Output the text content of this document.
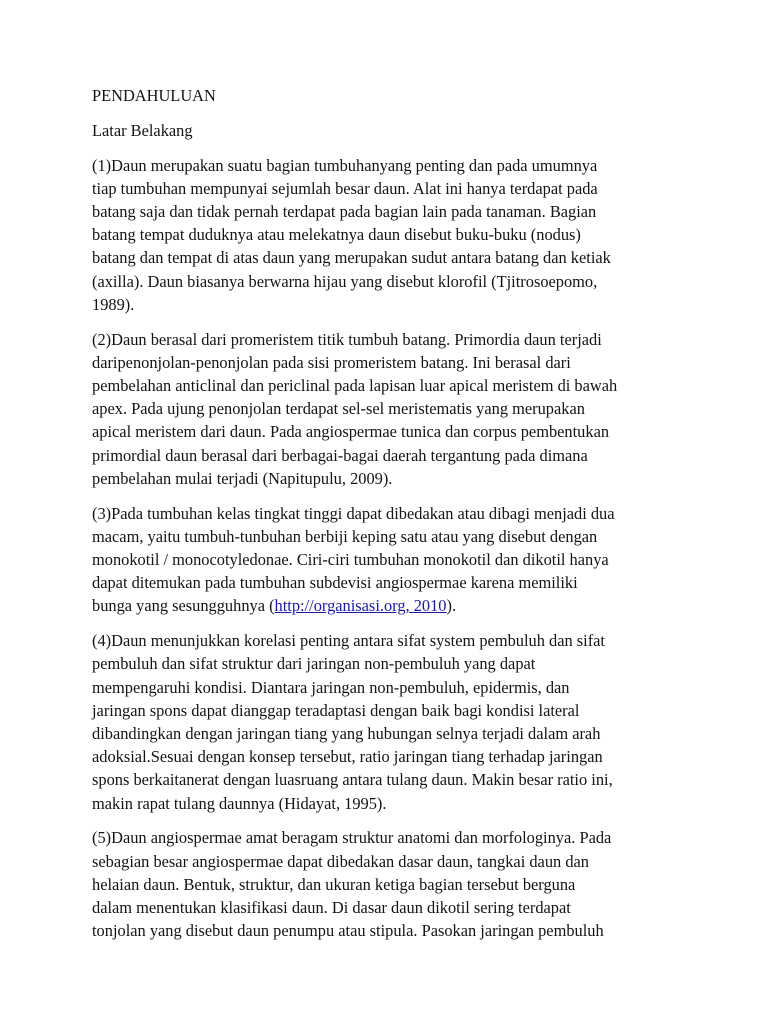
PENDAHULUAN
Latar Belakang
(1)Daun merupakan suatu bagian tumbuhanyang penting dan pada umumnya
tiap tumbuhan mempunyai sejumlah besar daun. Alat ini hanya terdapat pada
batang saja dan tidak pernah terdapat pada bagian lain pada tanaman. Bagian
batang tempat duduknya atau melekatnya daun disebut buku-buku (nodus)
batang dan tempat di atas daun yang merupakan sudut antara batang dan ketiak
(axilla). Daun biasanya berwarna hijau yang disebut klorofil (Tjitrosoepomo,
1989).
(2)Daun berasal dari promeristem titik tumbuh batang. Primordia daun terjadi
daripenonjolan-penonjolan pada sisi promeristem batang. Ini berasal dari
pembelahan anticlinal dan periclinal pada lapisan luar apical meristem di bawah
apex. Pada ujung penonjolan terdapat sel-sel meristematis yang merupakan
apical meristem dari daun. Pada angiospermae tunica dan corpus pembentukan
primordial daun berasal dari berbagai-bagai daerah tergantung pada dimana
pembelahan mulai terjadi (Napitupulu, 2009).
(3)Pada tumbuhan kelas tingkat tinggi dapat dibedakan atau dibagi menjadi dua
macam, yaitu tumbuh-tunbuhan berbiji keping satu atau yang disebut dengan
monokotil / monocotyledonae. Ciri-ciri tumbuhan monokotil dan dikotil hanya
dapat ditemukan pada tumbuhan subdevisi angiospermae karena memiliki
bunga yang sesungguhnya (http://organisasi.org, 2010).
(4)Daun menunjukkan korelasi penting antara sifat system pembuluh dan sifat
pembuluh dan sifat struktur dari jaringan non-pembuluh yang dapat
mempengaruhi kondisi. Diantara jaringan non-pembuluh, epidermis, dan
jaringan spons dapat dianggap teradaptasi dengan baik bagi kondisi lateral
dibandingkan dengan jaringan tiang yang hubungan selnya terjadi dalam arah
adoksial.Sesuai dengan konsep tersebut, ratio jaringan tiang terhadap jaringan
spons berkaitanerat dengan luasruang antara tulang daun. Makin besar ratio ini,
makin rapat tulang daunnya (Hidayat, 1995).
(5)Daun angiospermae amat beragam struktur anatomi dan morfologinya. Pada
sebagian besar angiospermae dapat dibedakan dasar daun, tangkai daun dan
helaian daun. Bentuk, struktur, dan ukuran ketiga bagian tersebut berguna
dalam menentukan klasifikasi daun. Di dasar daun dikotil sering terdapat
tonjolan yang disebut daun penumpu atau stipula. Pasokan jaringan pembuluh
